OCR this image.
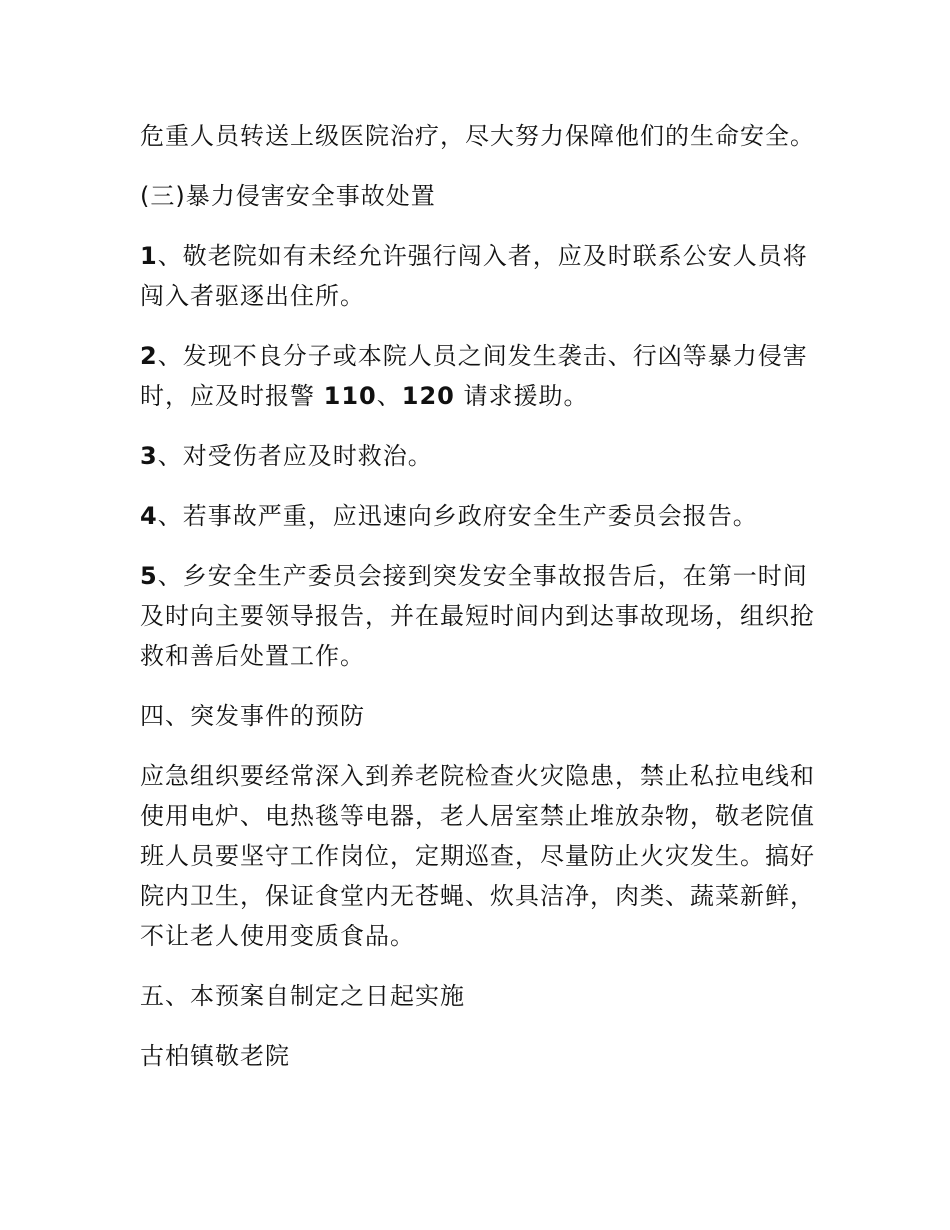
危重人员转送上级医院治疗，尽大努力保障他们的生命安全。

(三)暴力侵害安全事故处置

1、敬老院如有未经允许强行闯入者，应及时联系公安人员将闯入者驱逐出住所。

2、发现不良分子或本院人员之间发生袭击、行凶等暴力侵害时，应及时报警 110、120 请求援助。

3、对受伤者应及时救治。

4、若事故严重，应迅速向乡政府安全生产委员会报告。

5、乡安全生产委员会接到突发安全事故报告后，在第一时间及时向主要领导报告，并在最短时间内到达事故现场，组织抢救和善后处置工作。

四、突发事件的预防

应急组织要经常深入到养老院检查火灾隐患，禁止私拉电线和使用电炉、电热毯等电器，老人居室禁止堆放杂物，敬老院值班人员要坚守工作岗位，定期巡查，尽量防止火灾发生。搞好院内卫生，保证食堂内无苍蝇、炊具洁净，肉类、蔬菜新鲜，不让老人使用变质食品。

五、本预案自制定之日起实施

古柏镇敬老院
